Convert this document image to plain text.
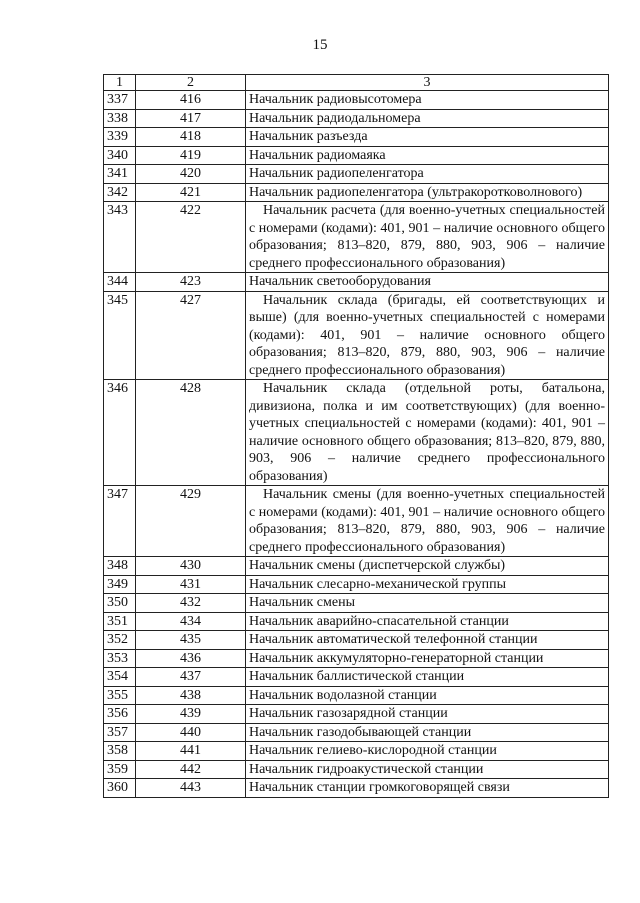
15
1	2	3
337	416	Начальник радиовысотомера
338	417	Начальник радиодальномера
339	418	Начальник разъезда
340	419	Начальник радиомаяка
341	420	Начальник радиопеленгатора
342	421	Начальник радиопеленгатора (ультракоротковолнового)
343	422	Начальник расчета (для военно-учетных специальностей с номерами (кодами): 401, 901 – наличие основного общего образования; 813–820, 879, 880, 903, 906 – наличие среднего профессионального образования)
344	423	Начальник светооборудования
345	427	Начальник склада (бригады, ей соответствующих и выше) (для военно-учетных специальностей с номерами (кодами): 401, 901 – наличие основного общего образования; 813–820, 879, 880, 903, 906 – наличие среднего профессионального образования)
346	428	Начальник склада (отдельной роты, батальона, дивизиона, полка и им соответствующих) (для военно-учетных специальностей с номерами (кодами): 401, 901 – наличие основного общего образования; 813–820, 879, 880, 903, 906 – наличие среднего профессионального образования)
347	429	Начальник смены (для военно-учетных специальностей с номерами (кодами): 401, 901 – наличие основного общего образования; 813–820, 879, 880, 903, 906 – наличие среднего профессионального образования)
348	430	Начальник смены (диспетчерской службы)
349	431	Начальник слесарно-механической группы
350	432	Начальник смены
351	434	Начальник аварийно-спасательной станции
352	435	Начальник автоматической телефонной станции
353	436	Начальник аккумуляторно-генераторной станции
354	437	Начальник баллистической станции
355	438	Начальник водолазной станции
356	439	Начальник газозарядной станции
357	440	Начальник газодобывающей станции
358	441	Начальник гелиево-кислородной станции
359	442	Начальник гидроакустической станции
360	443	Начальник станции громкоговорящей связи
